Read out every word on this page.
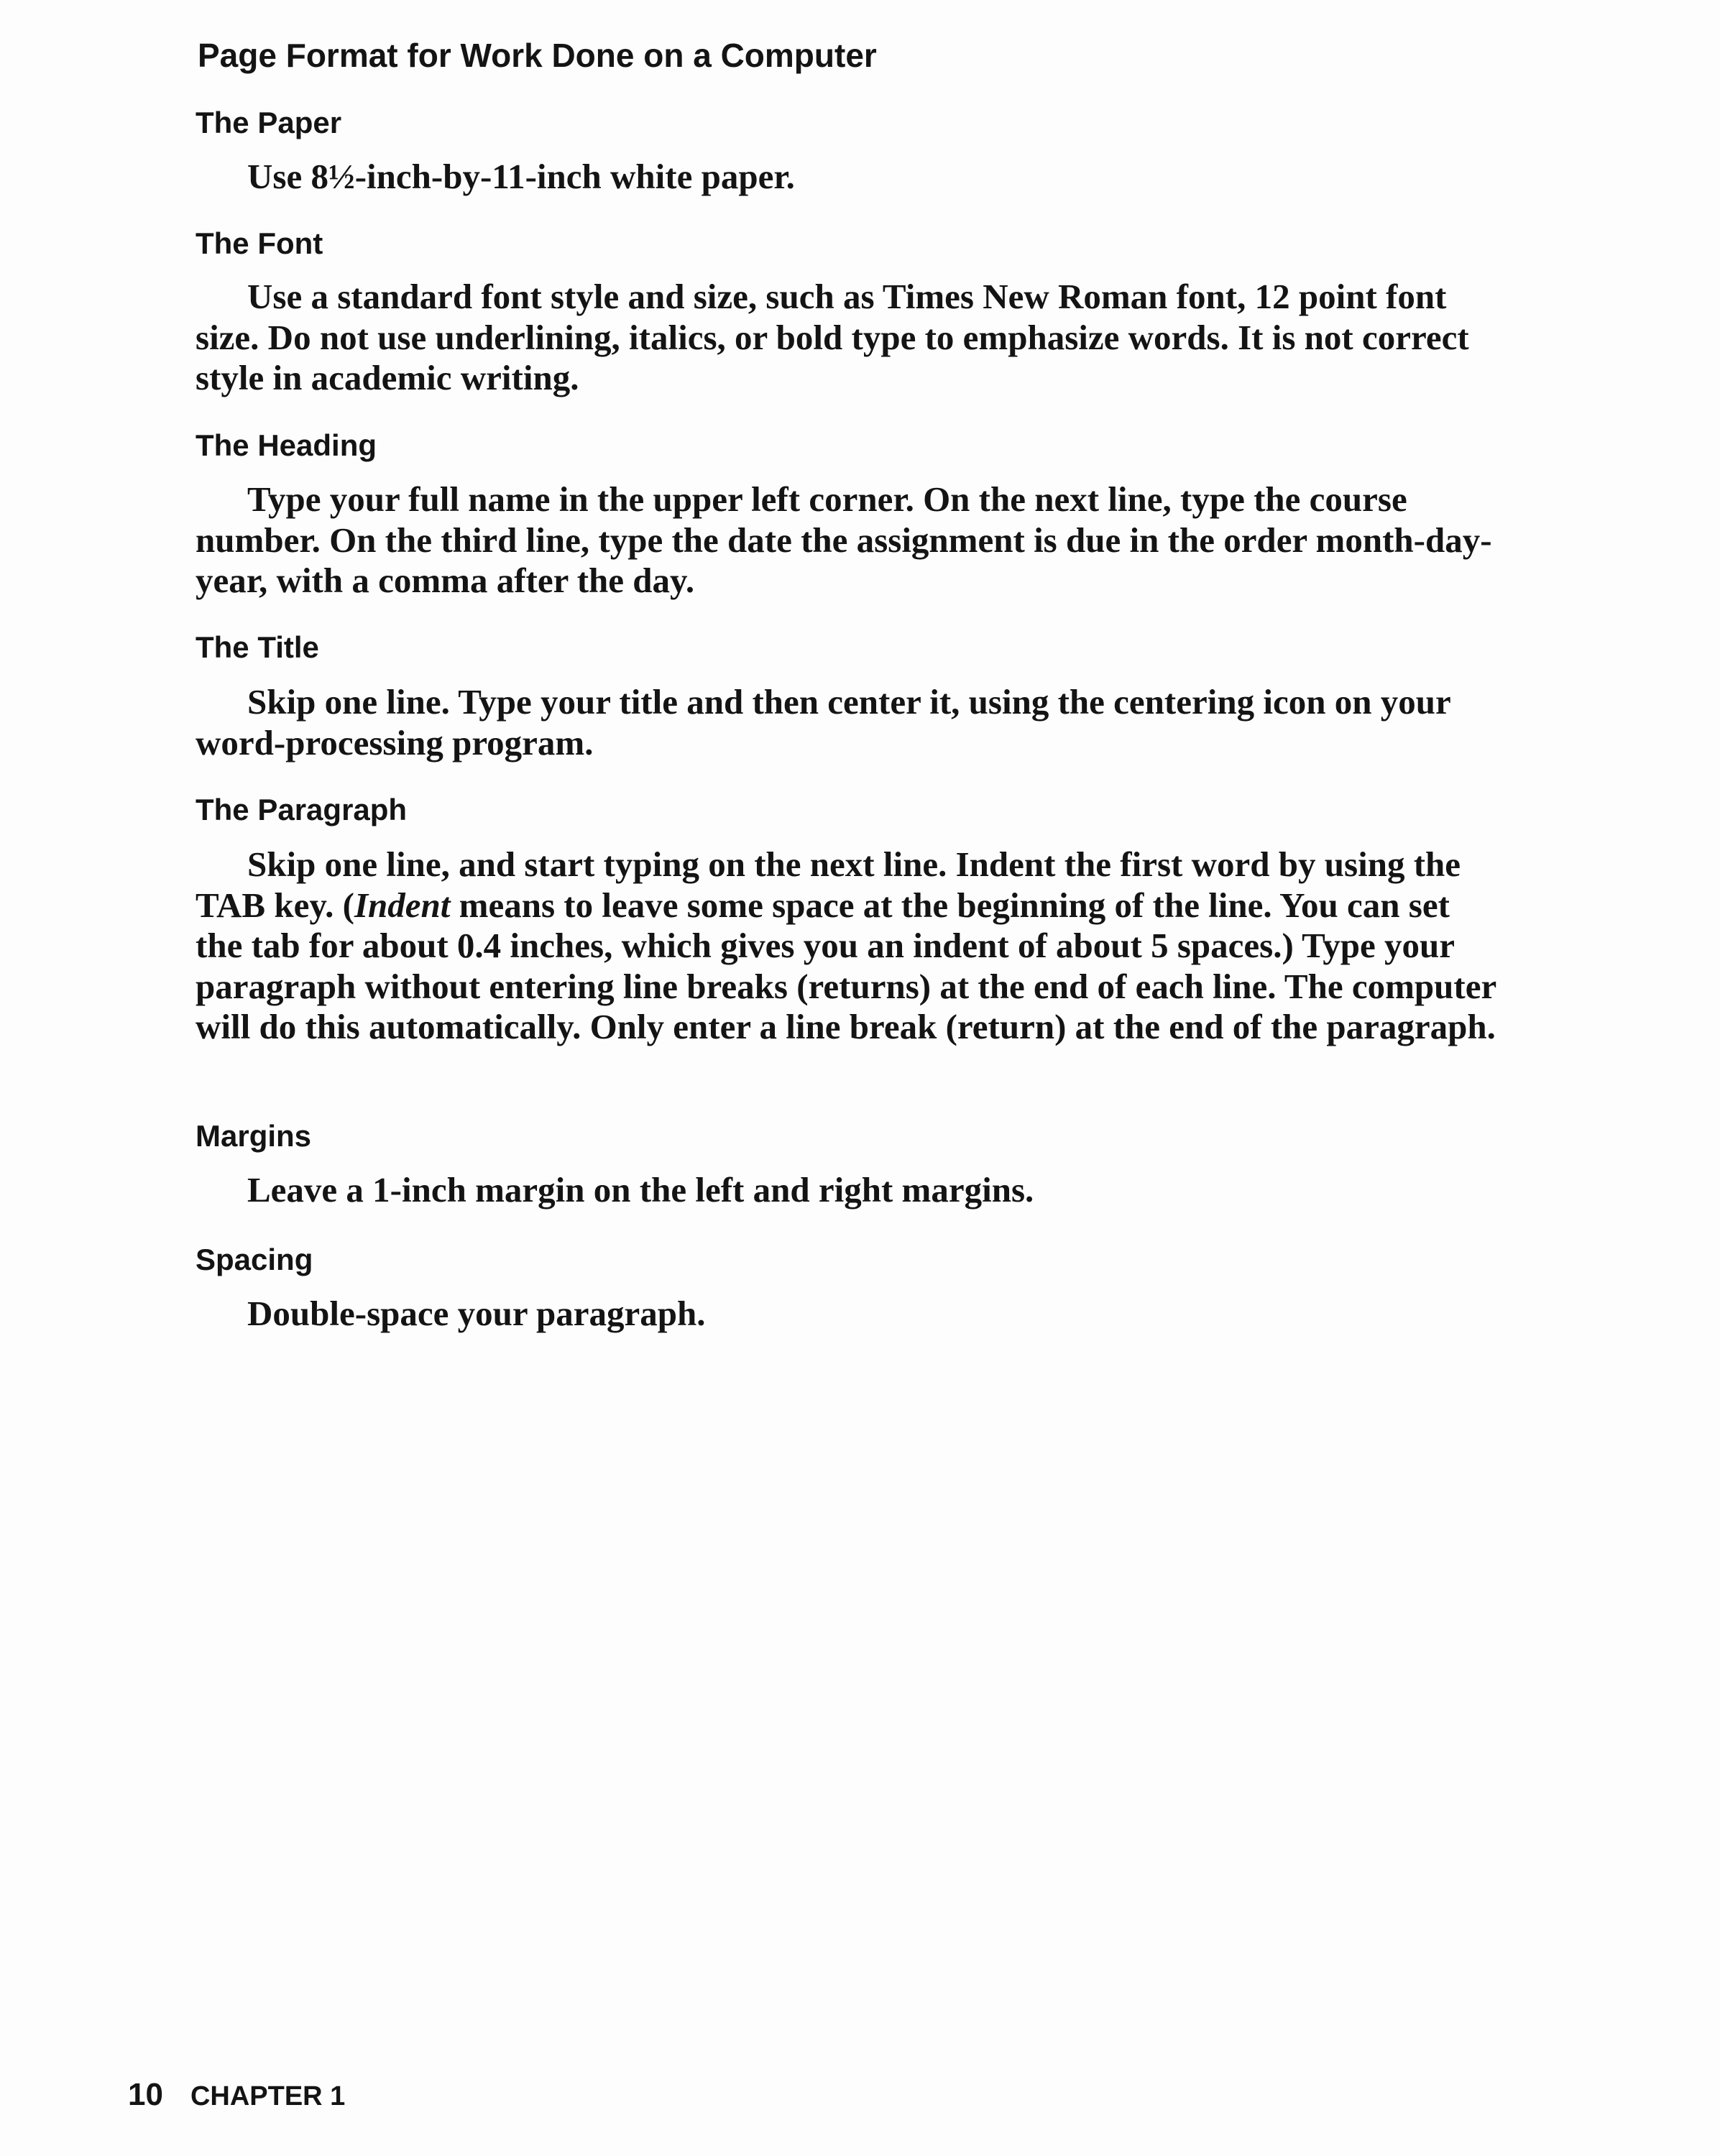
Page Format for Work Done on a Computer
The Paper

Use 8½-inch-by-11-inch white paper.

The Font

Use a standard font style and size, such as Times New Roman font, 12 point font size. Do not use underlining, italics, or bold type to emphasize words. It is not correct style in academic writing.

The Heading

Type your full name in the upper left corner. On the next line, type the course number. On the third line, type the date the assignment is due in the order month-day-year, with a comma after the day.

The Title

Skip one line. Type your title and then center it, using the centering icon on your word-processing program.

The Paragraph

Skip one line, and start typing on the next line. Indent the first word by using the TAB key. (Indent means to leave some space at the beginning of the line. You can set the tab for about 0.4 inches, which gives you an indent of about 5 spaces.) Type your paragraph without entering line breaks (returns) at the end of each line. The computer will do this automatically. Only enter a line break (return) at the end of the paragraph.

Margins

Leave a 1-inch margin on the left and right margins.

Spacing

Double-space your paragraph.

10 CHAPTER 1
